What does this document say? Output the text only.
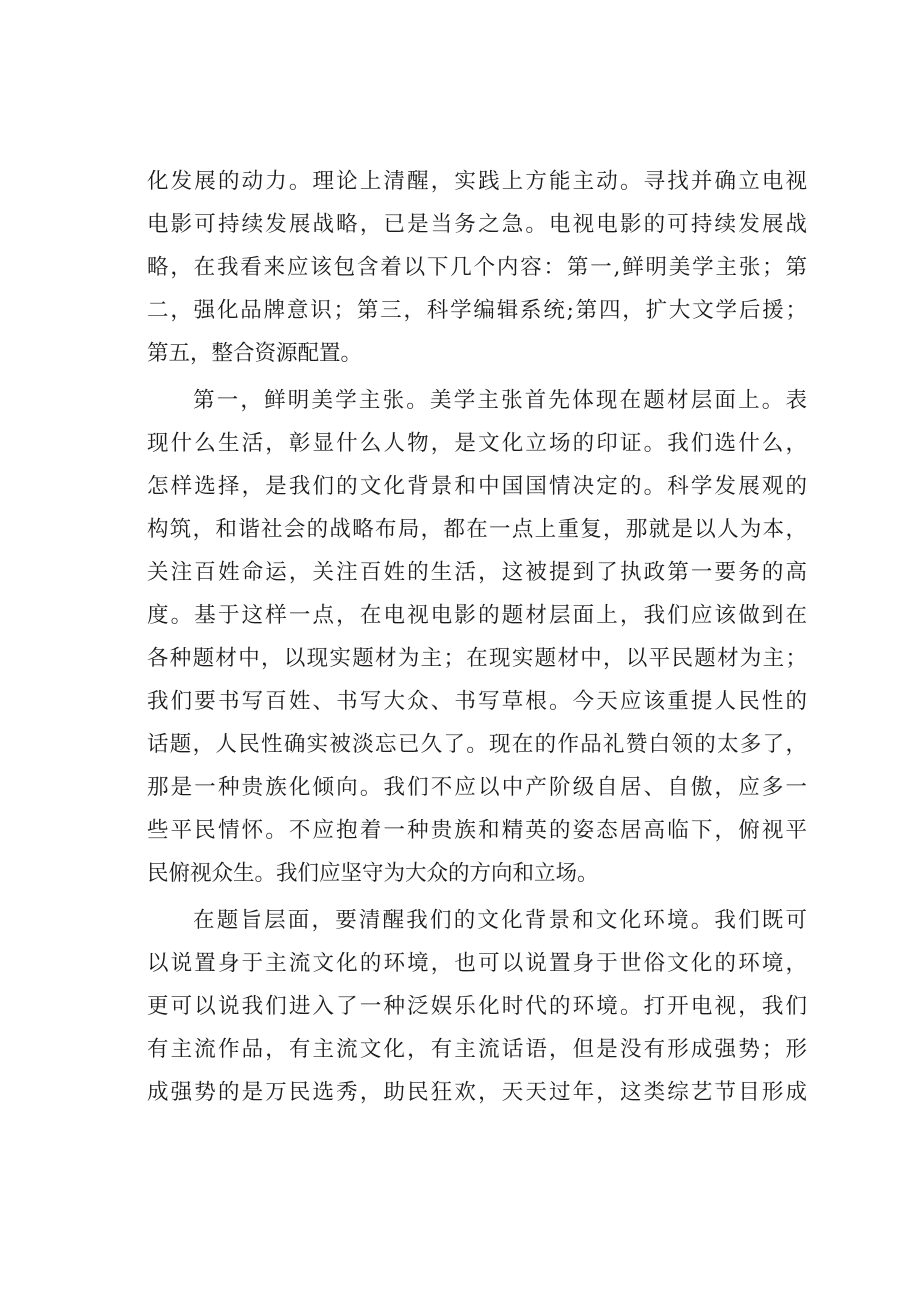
化发展的动力。理论上清醒，实践上方能主动。寻找并确立电视
电影可持续发展战略，已是当务之急。电视电影的可持续发展战
略，在我看来应该包含着以下几个内容：第一,鲜明美学主张；第
二，强化品牌意识；第三，科学编辑系统;第四，扩大文学后援；
第五，整合资源配置。
第一，鲜明美学主张。美学主张首先体现在题材层面上。表
现什么生活，彰显什么人物，是文化立场的印证。我们选什么，
怎样选择，是我们的文化背景和中国国情决定的。科学发展观的
构筑，和谐社会的战略布局，都在一点上重复，那就是以人为本，
关注百姓命运，关注百姓的生活，这被提到了执政第一要务的高
度。基于这样一点，在电视电影的题材层面上，我们应该做到在
各种题材中，以现实题材为主；在现实题材中，以平民题材为主；
我们要书写百姓、书写大众、书写草根。今天应该重提人民性的
话题，人民性确实被淡忘已久了。现在的作品礼赞白领的太多了，
那是一种贵族化倾向。我们不应以中产阶级自居、自傲，应多一
些平民情怀。不应抱着一种贵族和精英的姿态居高临下，俯视平
民俯视众生。我们应坚守为大众的方向和立场。
在题旨层面，要清醒我们的文化背景和文化环境。我们既可
以说置身于主流文化的环境，也可以说置身于世俗文化的环境，
更可以说我们进入了一种泛娱乐化时代的环境。打开电视，我们
有主流作品，有主流文化，有主流话语，但是没有形成强势；形
成强势的是万民选秀，助民狂欢，天天过年，这类综艺节目形成
